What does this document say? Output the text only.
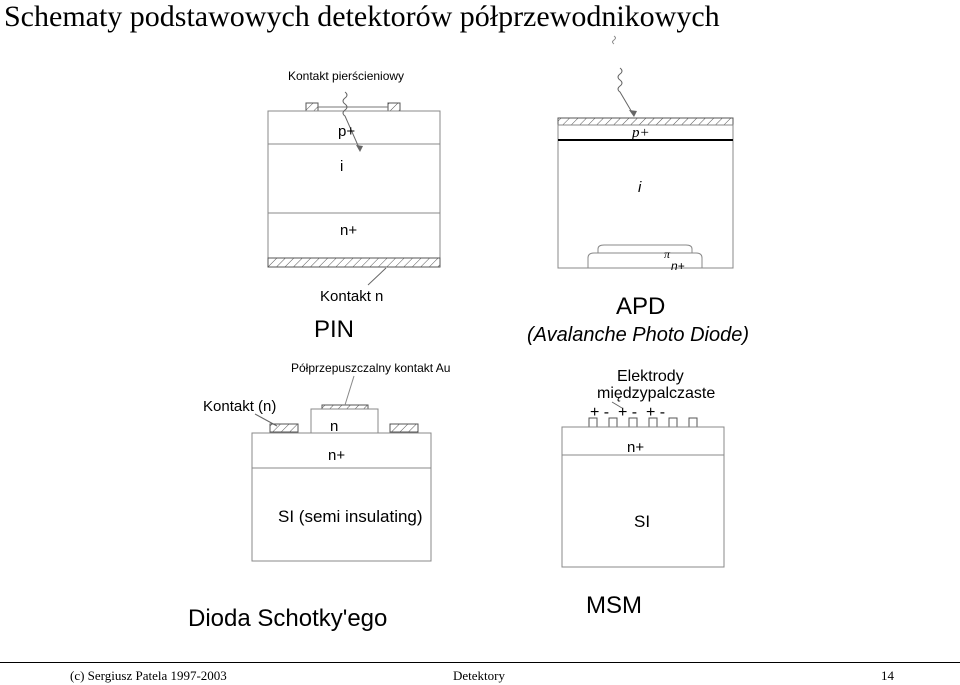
Schematy podstawowych detektorów półprzewodnikowych
Kontakt pierścieniowy
p+
i
n+
Kontakt n
PIN
p+
i
π
n+
APD
(Avalanche Photo Diode)
Półprzepuszczalny kontakt Au
Kontakt (n)
n
n+
SI (semi insulating)
Dioda Schotky'ego
Elektrody
międzypalczaste
+ -  + -  + -
n+
SI
MSM
(c) Sergiusz Patela 1997-2003	Detektory	14
